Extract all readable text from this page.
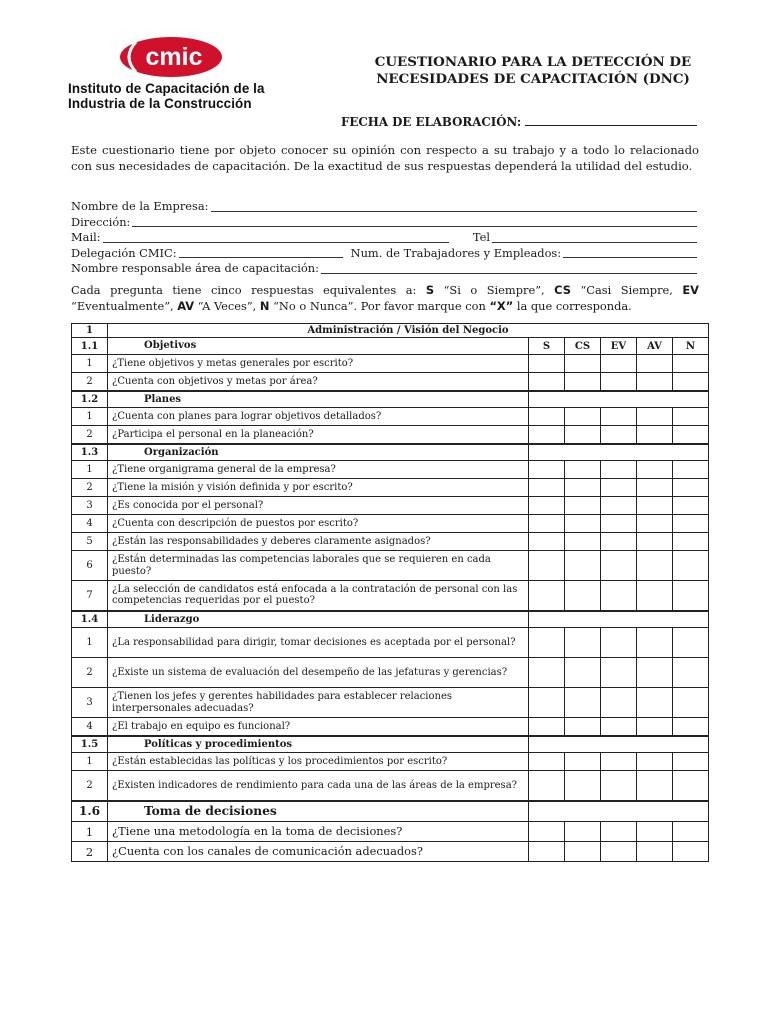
cmic
Instituto de Capacitación de la
Industria de la Construcción
CUESTIONARIO PARA LA DETECCIÓN DE
NECESIDADES DE CAPACITACIÓN (DNC)
FECHA DE ELABORACIÓN:
Este cuestionario tiene por objeto conocer su opinión con respecto a su trabajo y a todo lo relacionado con sus necesidades de capacitación. De la exactitud de sus respuestas dependerá la utilidad del estudio.
Nombre de la Empresa:
Dirección:
Mail:	Tel
Delegación CMIC:	Num. de Trabajadores y Empleados:
Nombre responsable área de capacitación:
Cada pregunta tiene cinco respuestas equivalentes a: S “Si o Siempre”, CS “Casi Siempre, EV “Eventualmente”, AV “A Veces”, N “No o Nunca”. Por favor marque con “X” la que corresponda.
1	Administración / Visión del Negocio					
1.1	Objetivos	S	CS	EV	AV	N
1	¿Tiene objetivos y metas generales por escrito?					
2	¿Cuenta con objetivos y metas por área?					
1.2	Planes					
1	¿Cuenta con planes para lograr objetivos detallados?					
2	¿Participa el personal en la planeación?					
1.3	Organización					
1	¿Tiene organigrama general de la empresa?					
2	¿Tiene la misión y visión definida y por escrito?					
3	¿Es conocida por el personal?					
4	¿Cuenta con descripción de puestos por escrito?					
5	¿Están las responsabilidades y deberes claramente asignados?					
6	¿Están determinadas las competencias laborales que se requieren en cada puesto?					
7	¿La selección de candidatos está enfocada a la contratación de personal con las competencias requeridas por el puesto?					
1.4	Liderazgo					
1	¿La responsabilidad para dirigir, tomar decisiones es aceptada por el personal?					
2	¿Existe un sistema de evaluación del desempeño de las jefaturas y gerencias?					
3	¿Tienen los jefes y gerentes habilidades para establecer relaciones interpersonales adecuadas?					
4	¿El trabajo en equipo es funcional?					
1.5	Políticas y procedimientos					
1	¿Están establecidas las políticas y los procedimientos por escrito?					
2	¿Existen indicadores de rendimiento para cada una de las áreas de la empresa?					
1.6	Toma de decisiones					
1	¿Tiene una metodología en la toma de decisiones?					
2	¿Cuenta con los canales de comunicación adecuados?					
